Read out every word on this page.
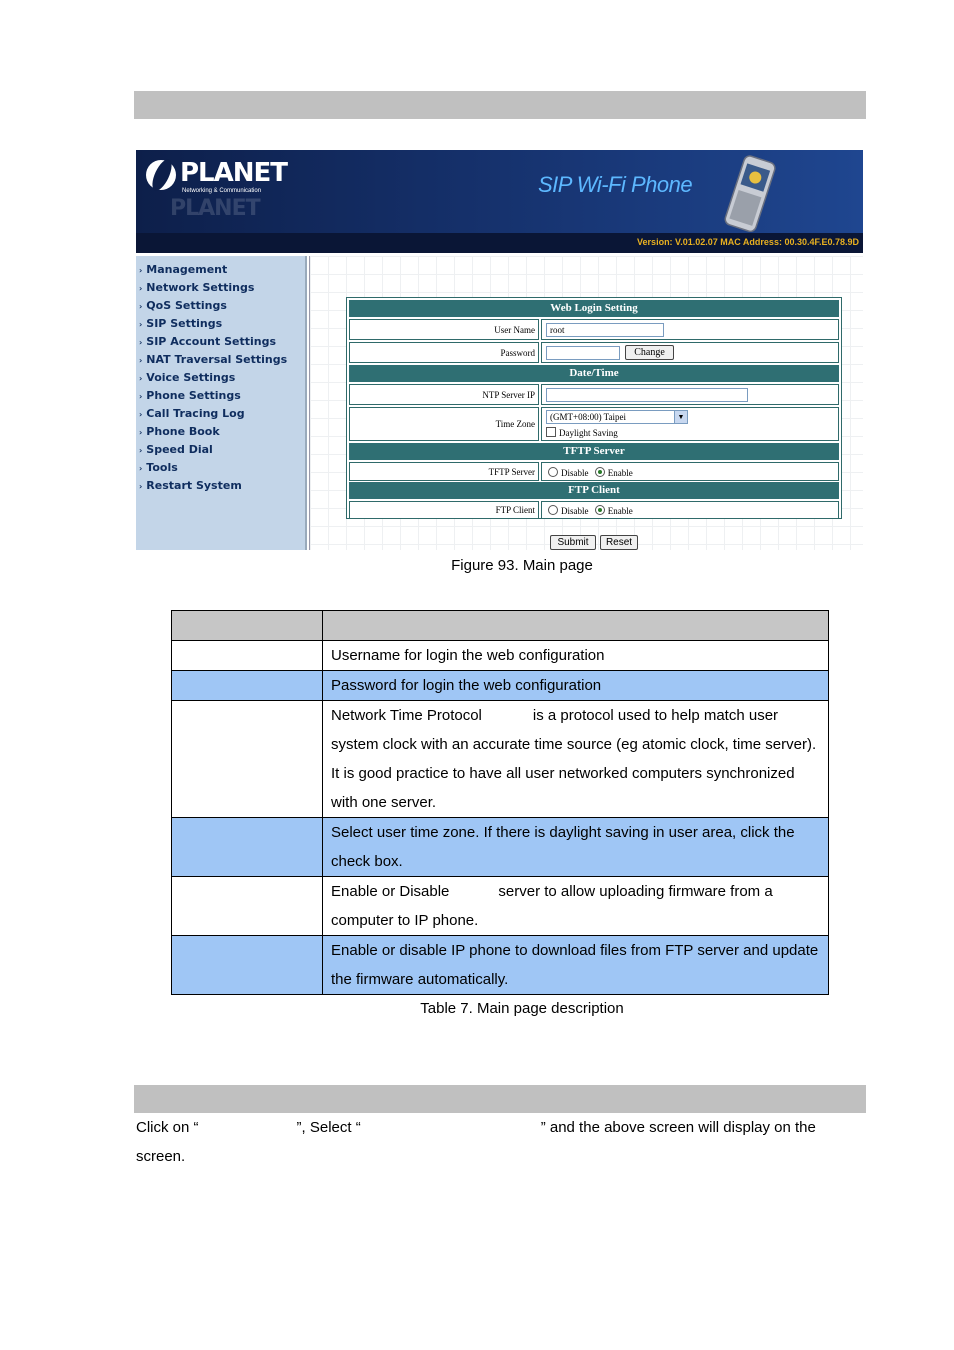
PLANET
Networking & Communication
PLANET
SIP Wi-Fi Phone
Version: V.01.02.07 MAC Address: 00.30.4F.E0.78.9D
› Management
› Network Settings
› QoS Settings
› SIP Settings
› SIP Account Settings
› NAT Traversal Settings
› Voice Settings
› Phone Settings
› Call Tracing Log
› Phone Book
› Speed Dial
› Tools
› Restart System
Web Login Setting
User Name	root
Password	Change
Date/Time
NTP Server IP
Time Zone
(GMT+08:00) Taipei	▼
Daylight Saving
TFTP Server
TFTP Server	Disable Enable
FTP Client
FTP Client	Disable Enable
Submit	Reset
Figure 93. Main page

	Username for login the web configuration
	Password for login the web configuration
	Network Time Protocol is a protocol used to help match user system clock with an accurate time source (eg atomic clock, time server). It is good practice to have all user networked computers synchronized with one server.
	Select user time zone. If there is daylight saving in user area, click the check box.
	Enable or Disable server to allow uploading firmware from a computer to IP phone.
	Enable or disable IP phone to download files from FTP server and update the firmware automatically.
Table 7. Main page description
Click on “	”, Select “	” and the above screen will display on the screen.
